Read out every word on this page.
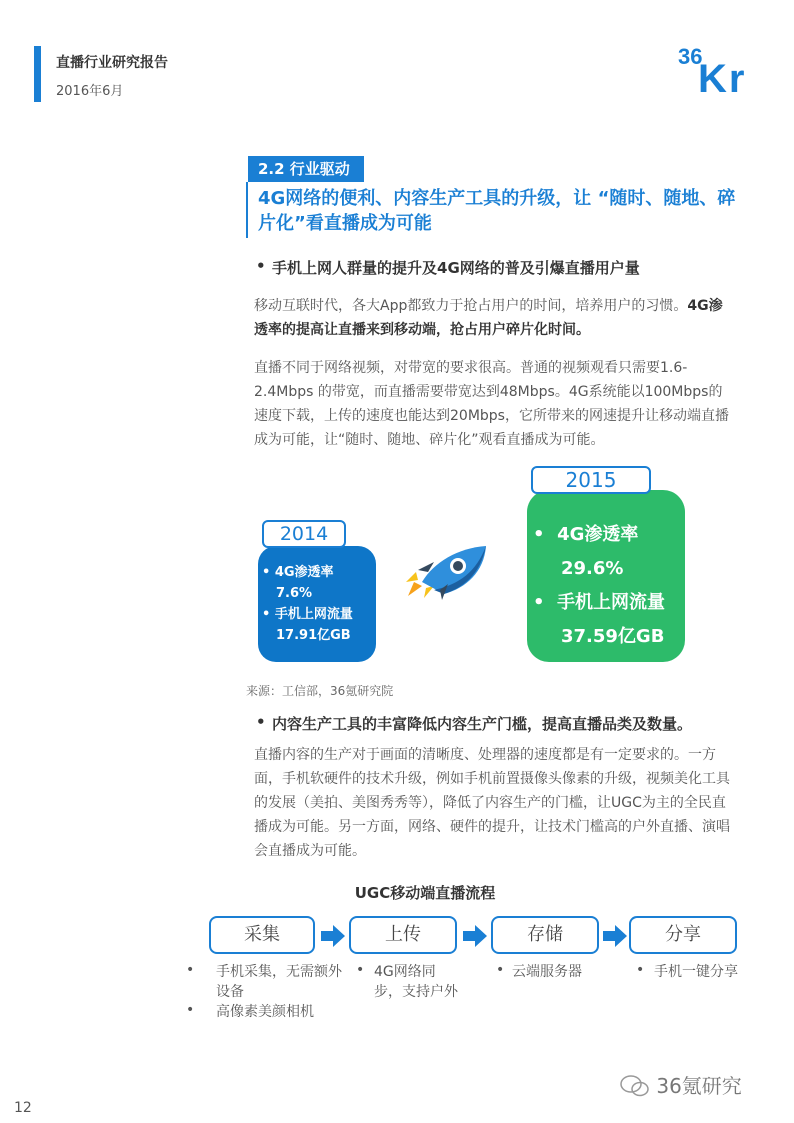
直播行业研究报告
2016年6月
36
Kr
2.2 行业驱动
4G网络的便利、内容生产工具的升级，让 “随时、随地、碎片化”看直播成为可能
• 手机上网人群量的提升及4G网络的普及引爆直播用户量
移动互联时代，各大App都致力于抢占用户的时间，培养用户的习惯。4G渗透率的提高让直播来到移动端，抢占用户碎片化时间。
直播不同于网络视频，对带宽的要求很高。普通的视频观看只需要1.6-2.4Mbps 的带宽，而直播需要带宽达到48Mbps。4G系统能以100Mbps的速度下载，上传的速度也能达到20Mbps，它所带来的网速提升让移动端直播成为可能，让“随时、随地、碎片化”观看直播成为可能。
2014
• 4G渗透率
7.6%
• 手机上网流量
17.91亿GB
2015
• 4G渗透率
29.6%
• 手机上网流量
37.59亿GB
来源：工信部，36氪研究院
• 内容生产工具的丰富降低内容生产门槛，提高直播品类及数量。
直播内容的生产对于画面的清晰度、处理器的速度都是有一定要求的。一方面，手机软硬件的技术升级，例如手机前置摄像头像素的升级，视频美化工具的发展（美拍、美图秀秀等），降低了内容生产的门槛，让UGC为主的全民直播成为可能。另一方面，网络、硬件的提升，让技术门槛高的户外直播、演唱会直播成为可能。
UGC移动端直播流程
采集	上传	存储	分享
• 手机采集，无需额外设备
• 高像素美颜相机
• 4G网络同步，支持户外
• 云端服务器	• 手机一键分享
12
36氪研究
